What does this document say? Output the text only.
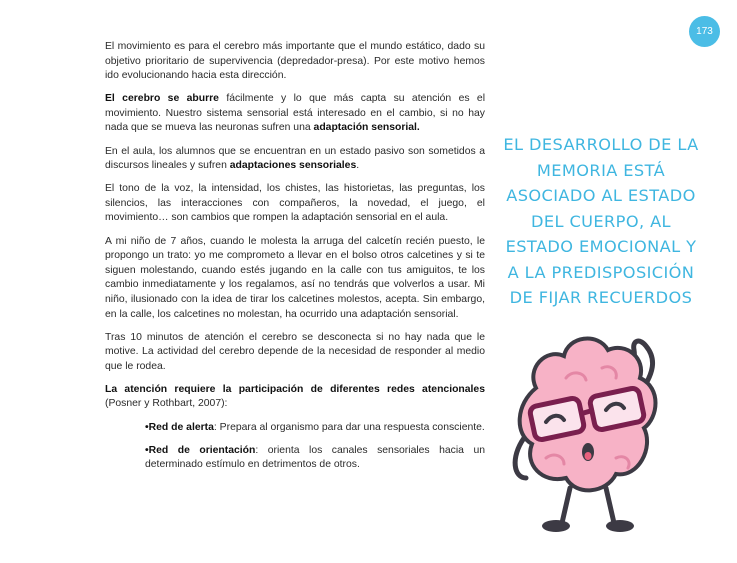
173

El movimiento es para el cerebro más importante que el mundo estático, dado su objetivo prioritario de supervivencia (depredador-presa). Por este motivo hemos ido evolucionando hacia esta dirección.

El cerebro se aburre fácilmente y lo que más capta su atención es el movimiento. Nuestro sistema sensorial está interesado en el cambio, si no hay nada que se mueva las neuronas sufren una adaptación sensorial.

En el aula, los alumnos que se encuentran en un estado pasivo son sometidos a discursos lineales y sufren adaptaciones sensoriales.

El tono de la voz, la intensidad, los chistes, las historietas, las preguntas, los silencios, las interacciones con compañeros, la novedad, el juego, el movimiento… son cambios que rompen la adaptación sensorial en el aula.

A mi niño de 7 años, cuando le molesta la arruga del calcetín recién puesto, le propongo un trato: yo me comprometo a llevar en el bolso otros calcetines y si te siguen molestando, cuando estés jugando en la calle con tus amiguitos, te los cambio inmediatamente y los regalamos, así no tendrás que volverlos a usar. Mi niño, ilusionado con la idea de tirar los calcetines molestos, acepta. Sin embargo, en la calle, los calcetines no molestan, ha ocurrido una adaptación sensorial.

Tras 10 minutos de atención el cerebro se desconecta si no hay nada que le motive. La actividad del cerebro depende de la necesidad de responder al medio que le rodea.

La atención requiere la participación de diferentes redes atencionales (Posner y Rothbart, 2007):

•Red de alerta: Prepara al organismo para dar una respuesta consciente.

•Red de orientación: orienta los canales sensoriales hacia un determinado estímulo en detrimentos de otros.

EL DESARROLLO DE LA MEMORIA ESTÁ ASOCIADO AL ESTADO DEL CUERPO, AL ESTADO EMOCIONAL Y A LA PREDISPOSICIÓN DE FIJAR RECUERDOS
